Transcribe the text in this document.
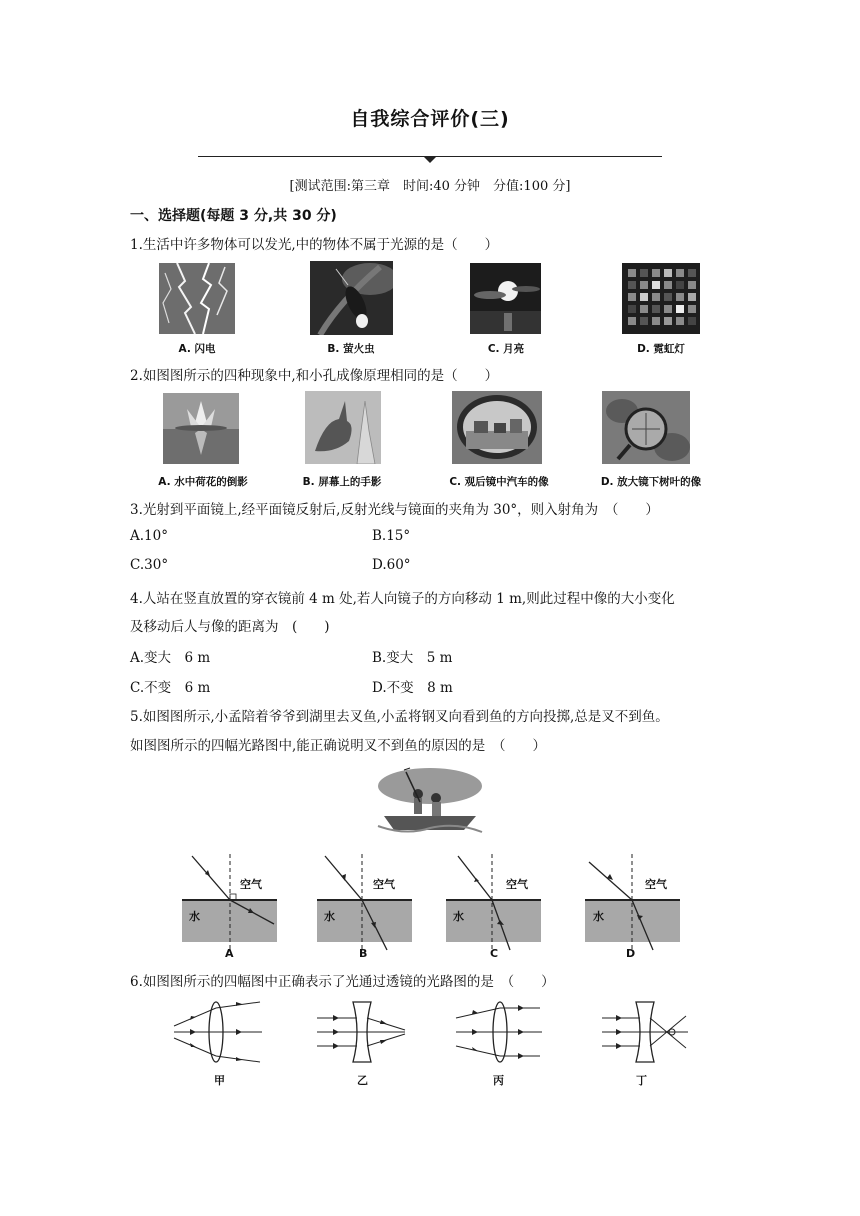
自我综合评价(三)
[测试范围:第三章　时间:40 分钟　分值:100 分]
一、选择题(每题 3 分,共 30 分)
1.生活中许多物体可以发光,中的物体不属于光源的是（　　）
A. 闪电	B. 萤火虫	C. 月亮	D. 霓虹灯
2.如图图所示的四种现象中,和小孔成像原理相同的是（　　）
A. 水中荷花的倒影	B. 屏幕上的手影	C. 观后镜中汽车的像	D. 放大镜下树叶的像
3.光射到平面镜上,经平面镜反射后,反射光线与镜面的夹角为 30°，则入射角为　（　　）
A.10°	B.15°
C.30°	D.60°
4.人站在竖直放置的穿衣镜前 4 m 处,若人向镜子的方向移动 1 m,则此过程中像的大小变化
及移动后人与像的距离为　(　　)
A.变大　6 m	B.变大　5 m
C.不变　6 m	D.不变　8 m
5.如图图所示,小孟陪着爷爷到湖里去叉鱼,小孟将钢叉向看到鱼的方向投掷,总是叉不到鱼。
如图图所示的四幅光路图中,能正确说明叉不到鱼的原因的是　（　　）
空气
水
A
空气
水
B
空气
水
C
空气
水
D
6.如图图所示的四幅图中正确表示了光通过透镜的光路图的是　（　　）
甲	乙	丙	丁
